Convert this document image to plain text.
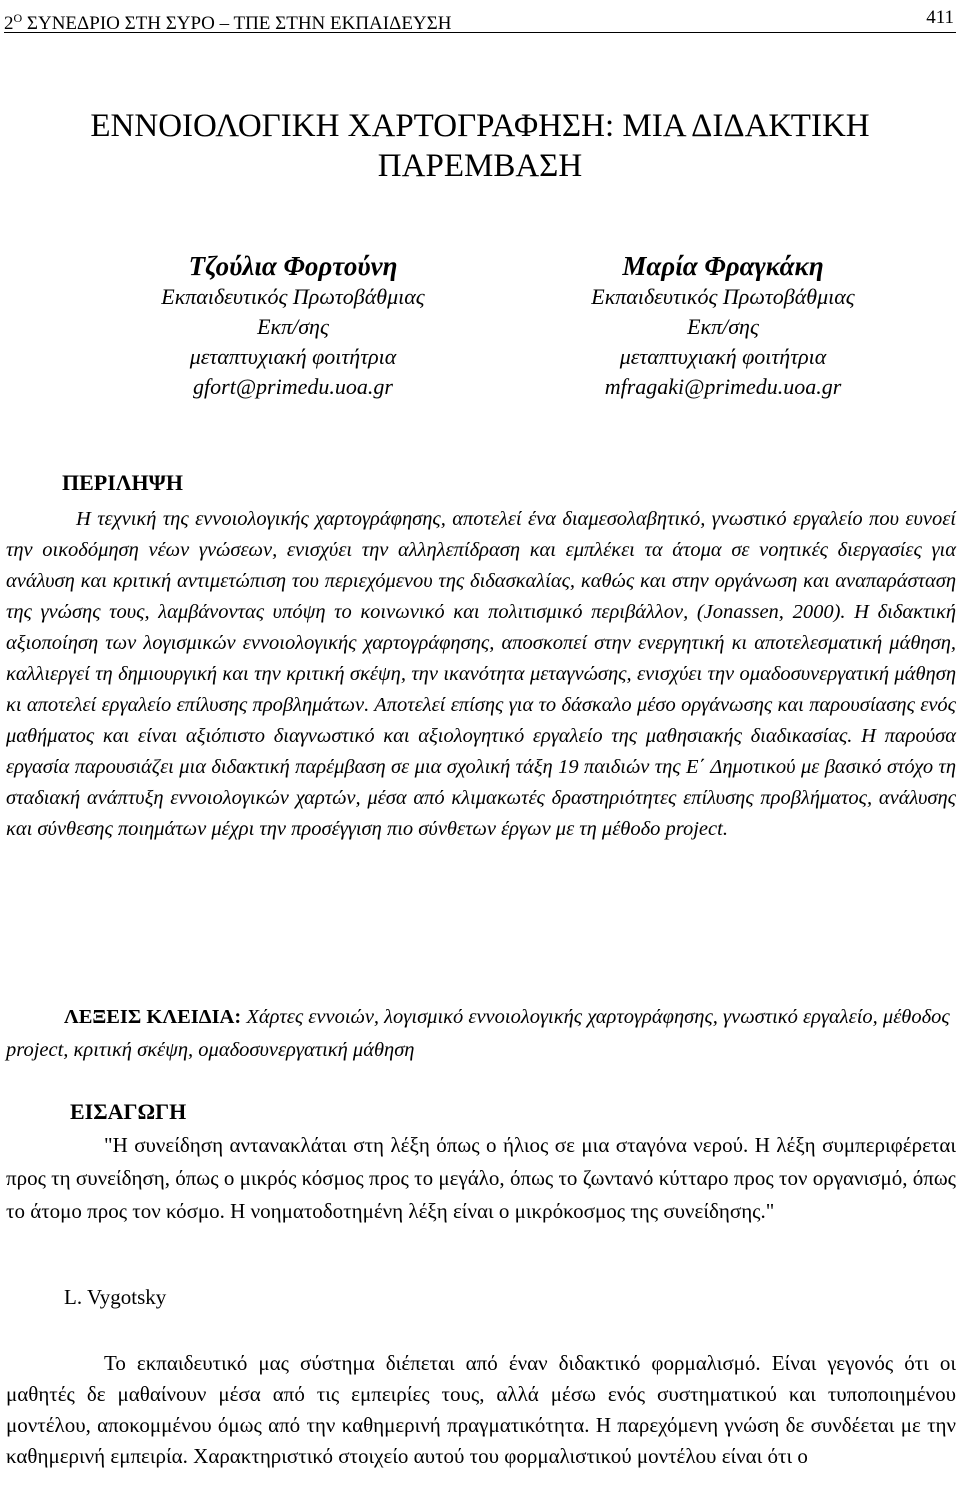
$2^O$ ΣΥΝΕΔΡΙΟ ΣΤΗ ΣΥΡΟ – ΤΠΕ ΣΤΗΝ ΕΚΠΑΙΔΕΥΣΗ	411
ΕΝΝΟΙΟΛΟΓΙΚΗ ΧΑΡΤΟΓΡΑΦΗΣΗ: ΜΙΑ ΔΙΔΑΚΤΙΚΗ
ΠΑΡΕΜΒΑΣΗ
Τζούλια Φορτούνη
Εκπαιδευτικός Πρωτοβάθμιας
Εκπ/σης
μεταπτυχιακή φοιτήτρια
gfort@primedu.uoa.gr
Μαρία Φραγκάκη
Εκπαιδευτικός Πρωτοβάθμιας
Εκπ/σης
μεταπτυχιακή φοιτήτρια
mfragaki@primedu.uoa.gr
ΠΕΡΙΛΗΨΗ

Η τεχνική της εννοιολογικής χαρτογράφησης, αποτελεί ένα διαμεσολαβητικό, γνωστικό εργαλείο που ευνοεί την οικοδόμηση νέων γνώσεων, ενισχύει την αλληλεπίδραση και εμπλέκει τα άτομα σε νοητικές διεργασίες για ανάλυση και κριτική αντιμετώπιση του περιεχόμενου της διδασκαλίας, καθώς και στην οργάνωση και αναπαράσταση της γνώσης τους, λαμβάνοντας υπόψη το κοινωνικό και πολιτισμικό περιβάλλον, (Jonassen, 2000). Η διδακτική αξιοποίηση των λογισμικών εννοιολογικής χαρτογράφησης, αποσκοπεί στην ενεργητική κι αποτελεσματική μάθηση, καλλιεργεί τη δημιουργική και την κριτική σκέψη, την ικανότητα μεταγνώσης, ενισχύει την ομαδοσυνεργατική μάθηση κι αποτελεί εργαλείο επίλυσης προβλημάτων. Αποτελεί επίσης για το δάσκαλο μέσο οργάνωσης και παρουσίασης ενός μαθήματος και είναι αξιόπιστο διαγνωστικό και αξιολογητικό εργαλείο της μαθησιακής διαδικασίας. Η παρούσα εργασία παρουσιάζει μια διδακτική παρέμβαση σε μια σχολική τάξη 19 παιδιών της Ε΄ Δημοτικού με βασικό στόχο τη σταδιακή ανάπτυξη εννοιολογικών χαρτών, μέσα από κλιμακωτές δραστηριότητες επίλυσης προβλήματος, ανάλυσης και σύνθεσης ποιημάτων μέχρι την προσέγγιση πιο σύνθετων έργων με τη μέθοδο project.

ΛΕΞΕΙΣ ΚΛΕΙΔΙΑ: Χάρτες εννοιών, λογισμικό εννοιολογικής χαρτογράφησης, γνωστικό εργαλείο, μέθοδος project, κριτική σκέψη, ομαδοσυνεργατική μάθηση

ΕΙΣΑΓΩΓΗ

"Η συνείδηση αντανακλάται στη λέξη όπως ο ήλιος σε μια σταγόνα νερού. Η λέξη συμπεριφέρεται προς τη συνείδηση, όπως ο μικρός κόσμος προς το μεγάλο, όπως το ζωντανό κύτταρο προς τον οργανισμό, όπως το άτομο προς τον κόσμο. Η νοηματοδοτημένη λέξη είναι ο μικρόκοσμος της συνείδησης."

L. Vygotsky

Το εκπαιδευτικό μας σύστημα διέπεται από έναν διδακτικό φορμαλισμό. Είναι γεγονός ότι οι μαθητές δε μαθαίνουν μέσα από τις εμπειρίες τους, αλλά μέσω ενός συστηματικού και τυποποιημένου μοντέλου, αποκομμένου όμως από την καθημερινή πραγματικότητα. Η παρεχόμενη γνώση δε συνδέεται με την καθημερινή εμπειρία. Χαρακτηριστικό στοιχείο αυτού του φορμαλιστικού μοντέλου είναι ότι ο
